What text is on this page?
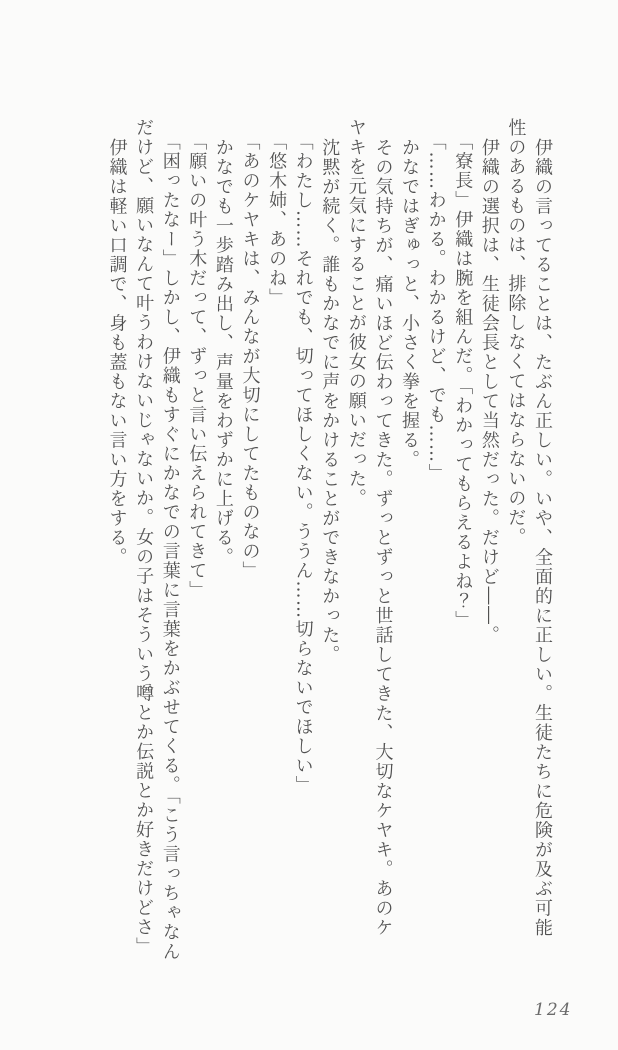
伊織の言ってることは、たぶん正しい。いや、全面的に正しい。生徒たちに危険が及ぶ可能
性のあるものは、排除しなくてはならないのだ。
伊織の選択は、生徒会長として当然だった。だけど――。
「寮長」伊織は腕を組んだ。「わかってもらえるよね？」
「……わかる。わかるけど、でも……」
かなではぎゅっと、小さく拳を握る。
その気持ちが、痛いほど伝わってきた。ずっとずっと世話してきた、大切なケヤキ。あのケ
ヤキを元気にすることが彼女の願いだった。
沈黙が続く。誰もかなでに声をかけることができなかった。
「わたし……それでも、切ってほしくない。ううん……切らないでほしい」
「悠木姉、あのね」
「あのケヤキは、みんなが大切にしてたものなの」
かなでも一歩踏み出し、声量をわずかに上げる。
「願いの叶う木だって、ずっと言い伝えられてきて」
「困ったなー」しかし、伊織もすぐにかなでの言葉に言葉をかぶせてくる。「こう言っちゃなん
だけど、願いなんて叶うわけないじゃないか。女の子はそういう噂とか伝説とか好きだけどさ」
伊織は軽い口調で、身も蓋もない言い方をする。
124
